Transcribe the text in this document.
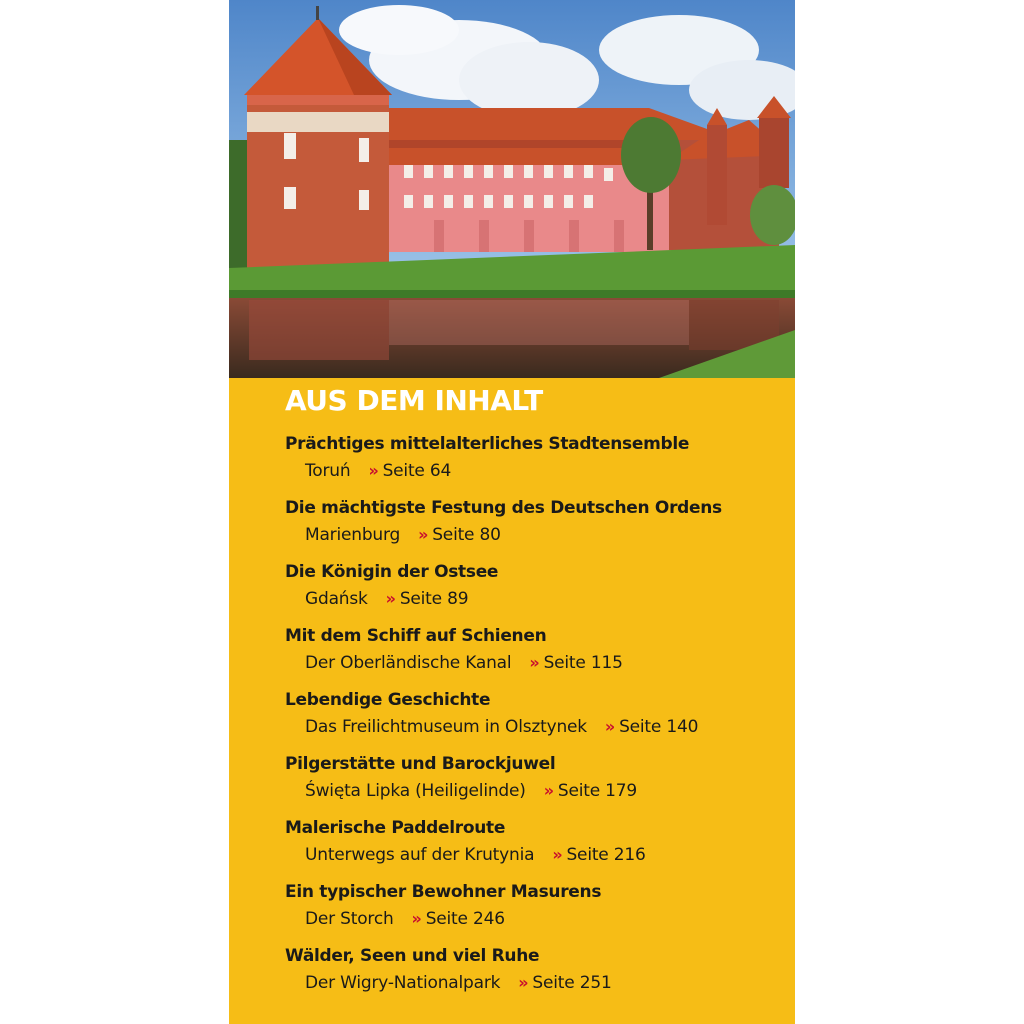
AUS DEM INHALT
Prächtiges mittelalterliches Stadtensemble
Toruń » Seite 64
Die mächtigste Festung des Deutschen Ordens
Marienburg » Seite 80
Die Königin der Ostsee
Gdańsk » Seite 89
Mit dem Schiff auf Schienen
Der Oberländische Kanal » Seite 115
Lebendige Geschichte
Das Freilichtmuseum in Olsztynek » Seite 140
Pilgerstätte und Barockjuwel
Święta Lipka (Heiligelinde) » Seite 179
Malerische Paddelroute
Unterwegs auf der Krutynia » Seite 216
Ein typischer Bewohner Masurens
Der Storch » Seite 246
Wälder, Seen und viel Ruhe
Der Wigry-Nationalpark » Seite 251
